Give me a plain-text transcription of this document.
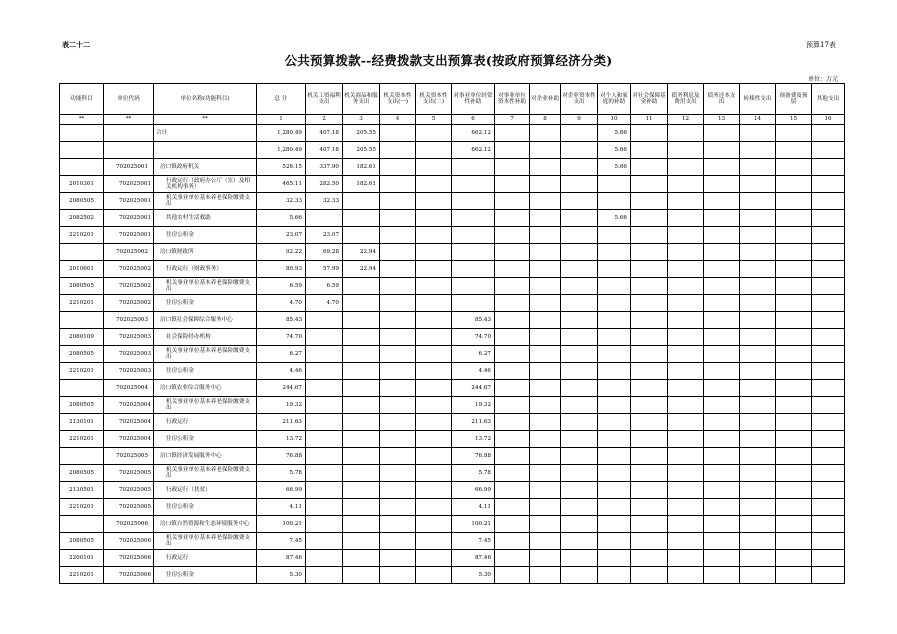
表二十二	预算17表
公共预算拨款--经费拨款支出预算表(按政府预算经济分类)
单位：万元
功能科目	单位代码	单位名称(功能科目)	总 计	机关工资福利支出	机关商品和服务支出	机关资本性支出(一)	机关资本性支出(二)	对事业单位经常性补助	对事业单位资本性补助	对企业补助	对企业资本性支出	对个人和家庭的补助	对社会保障基金补助	债务利息及费用支出	债务还本支出	转移性支出	预备费及预留	其他支出
**	**	**	1	2	3	4	5	6	7	8	9	10	11	12	13	14	15	16
		合计	1,280.49	407.18	205.55			662.12				5.66						
			1,280.49	407.18	205.55			662.12				5.66						
	702025001	涪口镇政府机关	526.15	337.90	182.61							5.66						
2010301	702025001	行政运行（政府办公厅（室）及相关机构事务）	465.11	282.50	182.61													
2080505	702025001	机关事业单位基本养老保险缴费支出	32.33	32.33														
2082502	702025001	其他农村生活救助	5.66									5.66						
2210201	702025001	住房公积金	23.07	23.07														
	702025002	涪口镇财政所	92.22	69.28	22.94													
2010601	702025002	行政运行（财政事务）	80.93	57.99	22.94													
2080505	702025002	机关事业单位基本养老保险缴费支出	6.59	6.59														
2210201	702025002	住房公积金	4.70	4.70														
	702025003	涪口镇社会保障综合服务中心	85.43					85.43										
2080109	702025003	社会保险经办机构	74.70					74.70										
2080505	702025003	机关事业单位基本养老保险缴费支出	6.27					6.27										
2210201	702025003	住房公积金	4.46					4.46										
	702025004	涪口镇农业综合服务中心	244.67					244.67										
2080505	702025004	机关事业单位基本养老保险缴费支出	19.32					19.32										
2130101	702025004	行政运行	211.63					211.63										
2210201	702025004	住房公积金	13.72					13.72										
	702025005	涪口镇经济发展服务中心	76.88					76.88										
2080505	702025005	机关事业单位基本养老保险缴费支出	5.78					5.78										
2130501	702025005	行政运行（扶贫）	66.99					66.99										
2210201	702025005	住房公积金	4.11					4.11										
	702025006	涪口镇自然资源和生态环境服务中心	100.21					100.21										
2080505	702025006	机关事业单位基本养老保险缴费支出	7.45					7.45										
2200101	702025006	行政运行	87.46					87.46										
2210201	702025006	住房公积金	5.30					5.30										
